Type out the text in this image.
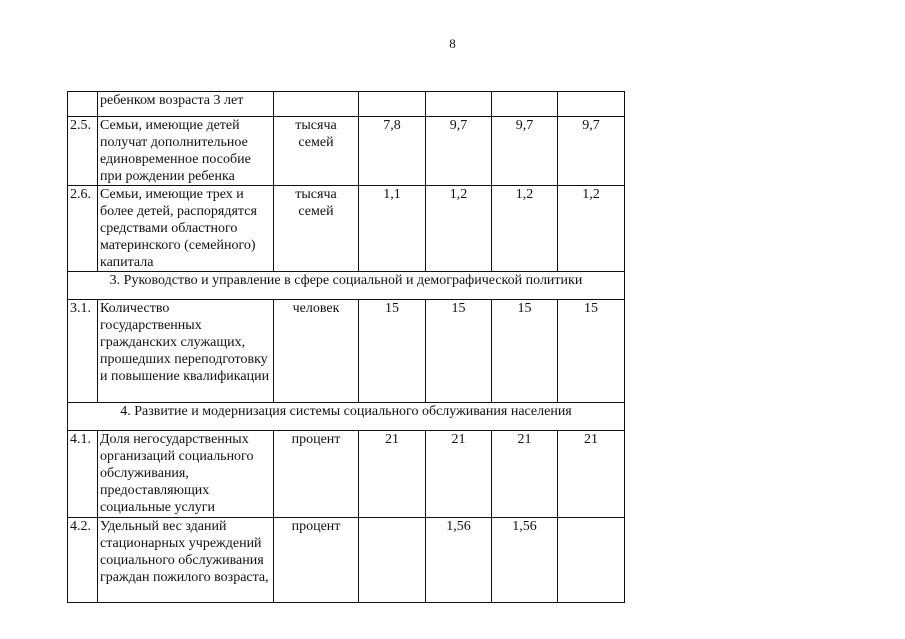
8
	ребенком возраста 3 лет					
2.5.	Семьи, имеющие детей получат дополнительное единовременное пособие при рождении ребенка	тысяча семей	7,8	9,7	9,7	9,7
2.6.	Семьи, имеющие трех и более детей, распорядятся средствами областного материнского (семейного) капитала	тысяча семей	1,1	1,2	1,2	1,2
3. Руководство и управление в сфере социальной и демографической политики						
3.1.	Количество государственных гражданских служащих, прошедших переподготовку и повышение квалификации	человек	15	15	15	15
4. Развитие и модернизация системы социального обслуживания населения						
4.1.	Доля негосударственных организаций социального обслуживания, предоставляющих социальные услуги	процент	21	21	21	21
4.2.	Удельный вес зданий стационарных учреждений социального обслуживания граждан пожилого возраста,	процент		1,56	1,56	
